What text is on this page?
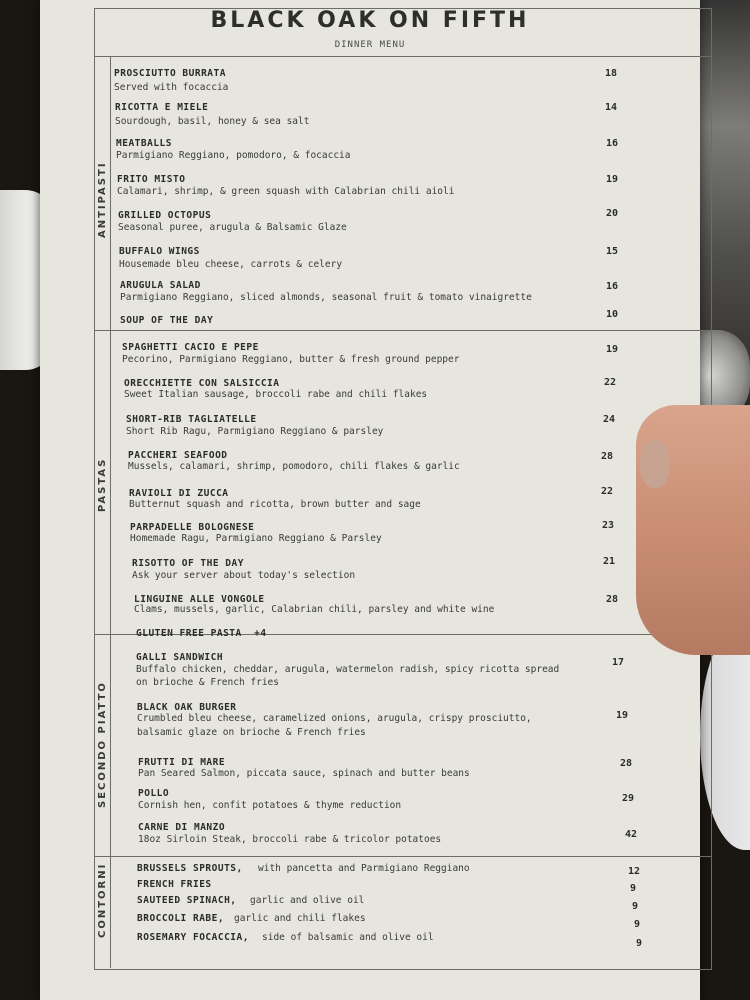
BLACK OAK ON FIFTH
DINNER MENU
ANTIPASTI
PASTAS
SECONDO PIATTO
CONTORNI
PROSCIUTTO BURRATA
Served with focaccia
18
RICOTTA E MIELE
Sourdough, basil, honey & sea salt
14
MEATBALLS
Parmigiano Reggiano, pomodoro, & focaccia
16
FRITO MISTO
Calamari, shrimp, & green squash with Calabrian chili aioli
19
GRILLED OCTOPUS
Seasonal puree, arugula & Balsamic Glaze
20
BUFFALO WINGS
Housemade bleu cheese, carrots & celery
15
ARUGULA SALAD
Parmigiano Reggiano, sliced almonds, seasonal fruit & tomato vinaigrette
16
SOUP OF THE DAY
10
SPAGHETTI CACIO E PEPE
Pecorino, Parmigiano Reggiano, butter & fresh ground pepper
19
ORECCHIETTE CON SALSICCIA
Sweet Italian sausage, broccoli rabe and chili flakes
22
SHORT-RIB TAGLIATELLE
Short Rib Ragu, Parmigiano Reggiano & parsley
24
PACCHERI SEAFOOD
Mussels, calamari, shrimp, pomodoro, chili flakes & garlic
28
RAVIOLI DI ZUCCA
Butternut squash and ricotta, brown butter and sage
22
PARPADELLE BOLOGNESE
Homemade Ragu, Parmigiano Reggiano & Parsley
23
RISOTTO OF THE DAY
Ask your server about today's selection
21
LINGUINE ALLE VONGOLE
Clams, mussels, garlic, Calabrian chili, parsley and white wine
28
GLUTEN FREE PASTA  +4
GALLI SANDWICH
Buffalo chicken, cheddar, arugula, watermelon radish, spicy ricotta spread
on brioche & French fries
17
BLACK OAK BURGER
Crumbled bleu cheese, caramelized onions, arugula, crispy prosciutto,
balsamic glaze on brioche & French fries
19
FRUTTI DI MARE
Pan Seared Salmon, piccata sauce, spinach and butter beans
28
POLLO
Cornish hen, confit potatoes & thyme reduction
29
CARNE DI MANZO
18oz Sirloin Steak, broccoli rabe & tricolor potatoes	42
BRUSSELS SPROUTS, with pancetta and Parmigiano Reggiano	12
FRENCH FRIES	9
SAUTEED SPINACH, garlic and olive oil
9
BROCCOLI RABE, garlic and chili flakes
9
ROSEMARY FOCACCIA, side of balsamic and olive oil
9
